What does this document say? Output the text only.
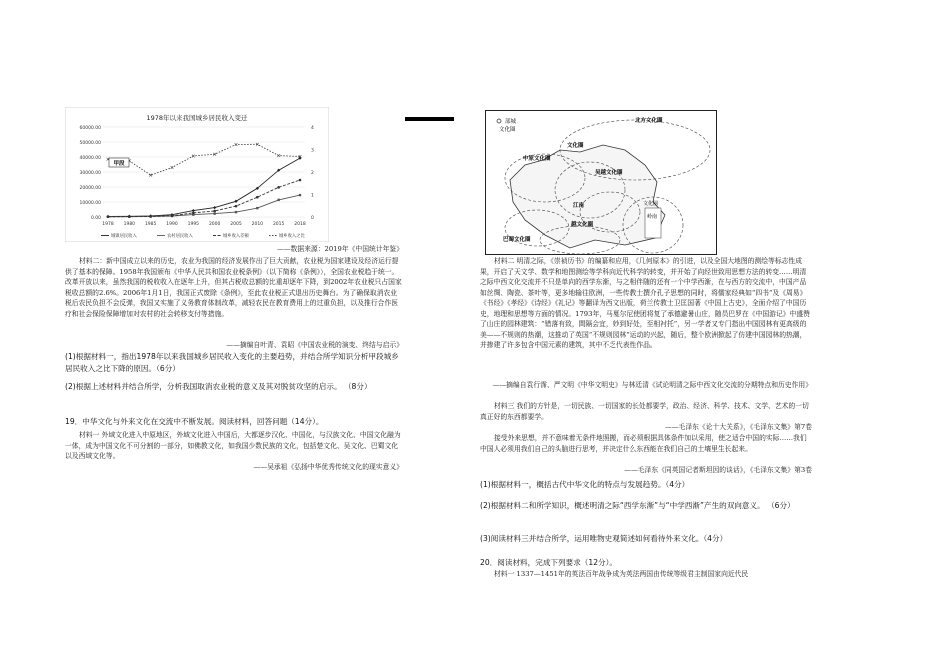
1978年以来我国城乡居民收入变迁
60000.00
50000.00
40000.00
30000.00
20000.00
10000.00
0.00
4
3
2
1
0
1978 1980 1985 1990 1995 2000 2005 2010 2015 2018
城镇居民收入	农村居民收入	城乡收入差额	城乡收入之比
甲段
——数据来源：2019年《中国统计年鉴》
材料二：新中国成立以来的历史，农业为我国的经济发展作出了巨大贡献，农业税为国家建设及经济运行提供了基本的保障。1958年我国颁布《中华人民共和国农业税条例》（以下简称《条例》），全国农业税趋于统一。改革开放以来，虽然我国的税收收入在逐年上升，但其占税收总额的比重却逐年下降，到2002年农业税只占国家税收总额的2.6%。2006年1月1日，我国正式废除《条例》，至此农业税正式退出历史舞台。为了确保取消农业税后农民负担不会反弹，我国又实施了义务教育体制改革，减轻农民在教育费用上的过重负担，以及推行合作医疗和社会保险保障增加对农村的社会转移支付等措施。
——摘编自叶青、袁昭《中国农业税的演变、终结与启示》
(1)根据材料一，指出1978年以来我国城乡居民收入变化的主要趋势，并结合所学知识分析甲段城乡居民收入之比下降的原因。（6分）
(2)根据上述材料并结合所学，分析我国取消农业税的意义及其对脱贫攻坚的启示。 （8分）
19．中华文化与外来文化在交流中不断发展。阅读材料，回答问题（14分）。
材料一 外域文化进入中原地区，外域文化进入中国后，大都逐步汉化、中国化，与汉族文化、中国文化融为一体，成为中国文化不可分割的一部分，如佛教文化，如我国少数民族的文化，包括楚文化、吴文化、巴蜀文化以及西域文化等。
——吴承祖《弘扬中华优秀传统文化的现实意义》
部城
文化圈
北方文化圈
文化圈
中原文化圈
巴蜀文化圈
江南
越文化圈
吴越文化圈
文化圈
岭南
材料二 明清之际，《崇祯历书》的编纂和应用，《几何原本》的引进，以及全国大地图的测绘等标志性成果，开启了天文学、数学和地图测绘等学科向近代科学的转变，并开始了向经世致用思想方法的转变……明清之际中西文化交流并不只是单向的西学东渐，与之相伴随的还有一个中学西渐，在与西方的交流中，中国产品如丝绸、陶瓷、茶叶等，更多地输往欧洲，一些传教士撰介孔子思想的同时，将儒家经典如“四书”及《周易》《书经》《孝经》《诗经》《礼记》等翻译为西文出版，荷兰传教士卫匡国著《中国上古史》，全面介绍了中国历史，地理和思想等方面的情况。1793年，马戛尔尼使团将复了承德避暑山庄，随员巴罗在《中国游记》中盛赞了山庄的园林建筑：“错落有致，間隔会宜，妙到好处，至相衬托”，另一学者又专门指出中国园林有更高级的美——不规则的热潮，这推动了英国“不规则园林”运动的兴起，随后，整个欧洲掀起了仿建中国园林的热潮，并掺建了许多包含中国元素的建筑，其中不乏代表性作品。
——摘编自袁行霈、严文明《中华文明史》与林廷清《试论明清之际中西文化交流的分期特点和历史作用》
材料三 我们的方针是，一切民族、一切国家的长处都要学，政治、经济、科学、技术、文学、艺术的一切真正好的东西都要学。
——毛泽东《论十大关系》，《毛泽东文集》第7卷
接受外来思想，并不意味着无条件地照搬，而必须根据具体条件加以采用，使之适合中国的实际……我们中国人必须用我们自己的头脑进行思考，并决定什么东西能在我们自己的土壤里生长起来。
——毛泽东《同英国记者斯坦因的谈话》，《毛泽东文集》第3卷
(1)根据材料一，概括古代中华文化的特点与发展趋势。（4分）
(2)根据材料二和所学知识，概述明清之际“西学东渐”与“中学西渐”产生的双向意义。 （6分）
(3)阅读材料三并结合所学，运用唯物史观简述如何看待外来文化。（4分）
20．阅读材料，完成下列要求（12分）。
材料一 1337—1451年的英法百年战争成为英法两国由传统等级君主制国家向近代民
